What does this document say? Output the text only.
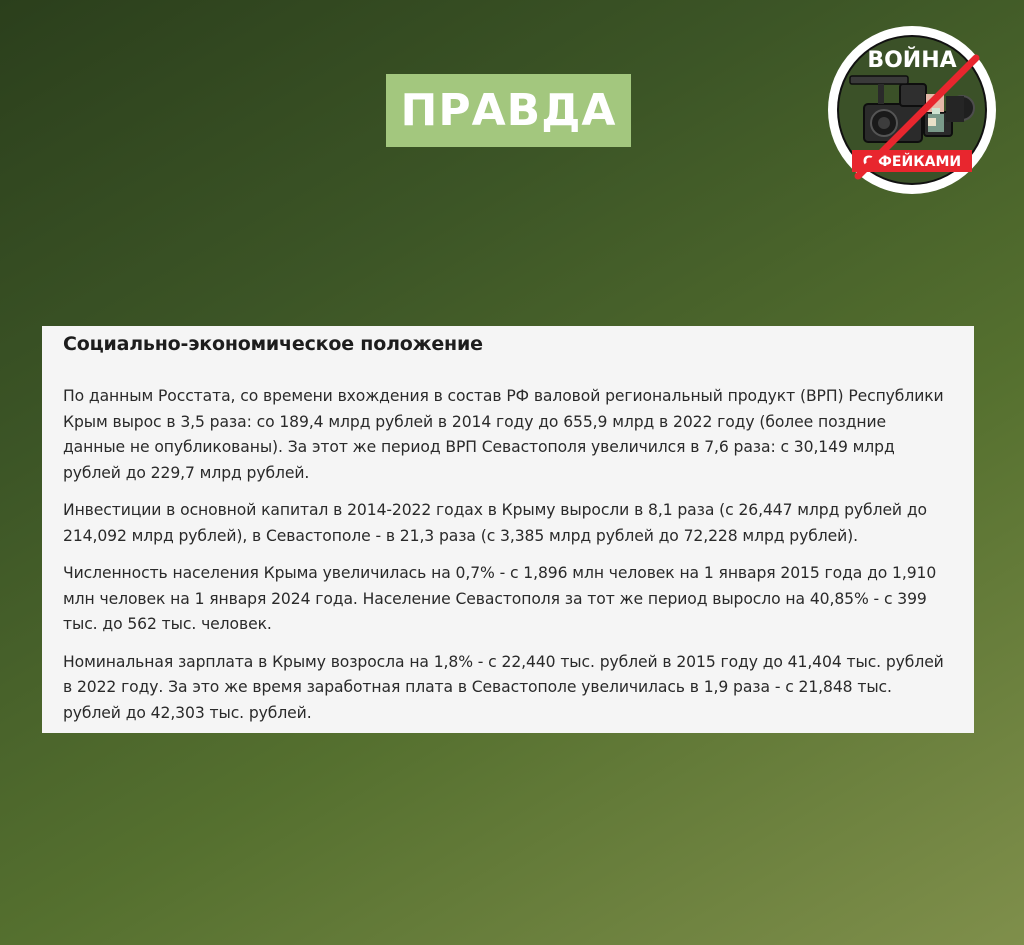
ПРАВДА
ВОЙНА
С ФЕЙКАМИ
Социально-экономическое положение

По данным Росстата, со времени вхождения в состав РФ валовой региональный продукт (ВРП) Республики Крым вырос в 3,5 раза: со 189,4 млрд рублей в 2014 году до 655,9 млрд в 2022 году (более поздние данные не опубликованы). За этот же период ВРП Севастополя увеличился в 7,6 раза: с 30,149 млрд рублей до 229,7 млрд рублей.

Инвестиции в основной капитал в 2014-2022 годах в Крыму выросли в 8,1 раза (с 26,447 млрд рублей до 214,092 млрд рублей), в Севастополе - в 21,3 раза (с 3,385 млрд рублей до 72,228 млрд рублей).

Численность населения Крыма увеличилась на 0,7% - с 1,896 млн человек на 1 января 2015 года до 1,910 млн человек на 1 января 2024 года. Население Севастополя за тот же период выросло на 40,85% - с 399 тыс. до 562 тыс. человек.

Номинальная зарплата в Крыму возросла на 1,8% - с 22,440 тыс. рублей в 2015 году до 41,404 тыс. рублей в 2022 году. За это же время заработная плата в Севастополе увеличилась в 1,9 раза - с 21,848 тыс. рублей до 42,303 тыс. рублей.
